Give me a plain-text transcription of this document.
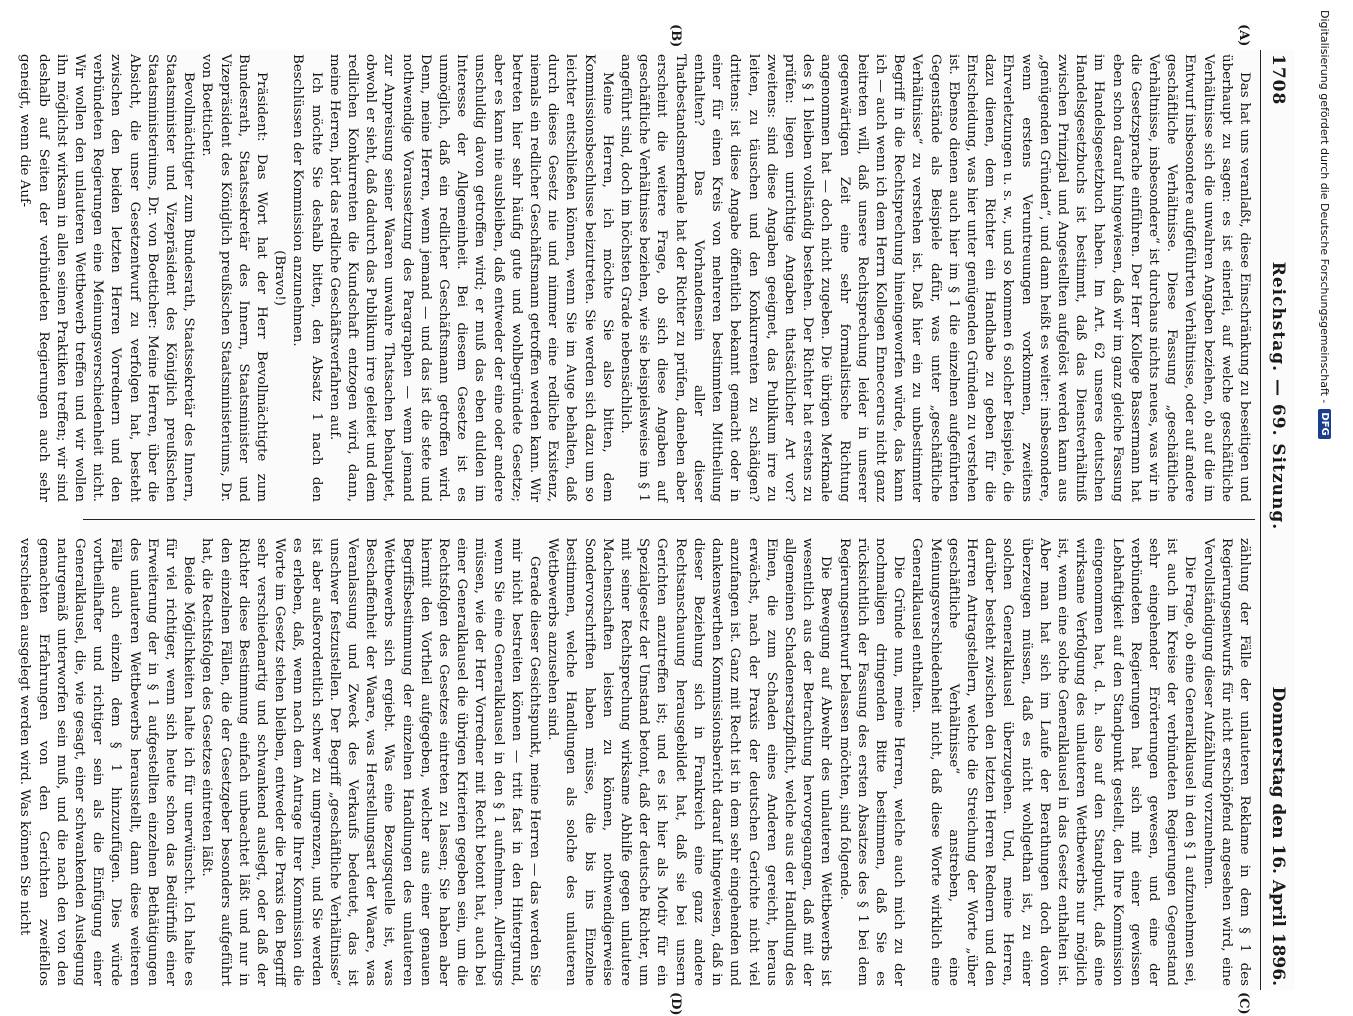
1708
Reichstag. — 69. Sitzung.
Donnerstag den 16. April 1896.
(A)
(B)
(C)
(D)

Das hat uns veranlaßt, diese Einschränkung zu beseitigen und überhaupt zu sagen: es ist einerlei, auf welche geschäftliche Verhältnisse sich die unwahren Angaben beziehen, ob auf die im Entwurf insbesondere aufgeführten Verhältnisse, oder auf andere geschäftliche Verhältnisse. Diese Fassung „geschäftliche Verhältnisse, insbesondere“ ist durchaus nichts neues, was wir in die Gesetzsprache einführen. Der Herr Kollege Bassermann hat eben schon darauf hingewiesen, daß wir im ganz gleiche Fassung im Handelsgesetzbuch haben. Im Art. 62 unseres deutschen Handelsgesetzbuchs ist bestimmt, daß das Dienstverhältniß zwischen Prinzipal und Angestellten aufgelöst werden kann aus „genügenden Gründen“, und dann heißt es weiter: insbesondere, wenn erstens Veruntreuungen vorkommen, zweitens Ehrverletzungen u. s. w., und so kommen 6 solcher Beispiele, die dazu dienen, dem Richter ein Handhabe zu geben für die Entscheidung, was hier unter genügenden Gründen zu verstehen ist. Ebenso dienen auch hier im § 1 die einzelnen aufgeführten Gegenstände als Beispiele dafür, was unter „geschäftliche Verhältnisse“ zu verstehen ist. Daß hier ein zu unbestimmter Begriff in die Rechtsprechung hineingeworfen würde, das kann ich — auch wenn ich dem Herrn Kollegen Enneccerus nicht ganz beitreten will, daß unsere Rechtsprechung leider in unserer gegenwärtigen Zeit eine sehr formalistische Richtung angenommen hat — doch nicht zugeben. Die übrigen Merkmale des § 1 bleiben vollständig bestehen. Der Richter hat erstens zu prüfen: liegen unrichtige Angaben thatsächlicher Art vor? zweitens: sind diese Angaben geeignet, das Publikum irre zu leiten, zu täuschen und den Konkurrenten zu schädigen? drittens: ist diese Angabe öffentlich bekannt gemacht oder in einer für einen Kreis von mehreren bestimmten Mittheilung enthalten? Das Vorhandensein aller dieser Thatbestandsmerkmale hat der Richter zu prüfen, daneben aber erscheint die weitere Frage, ob sich diese Angaben auf geschäftliche Verhältnisse beziehen, wie sie beispielsweise im § 1 angeführt sind, doch im höchsten Grade nebensächlich.

Meine Herren, ich möchte Sie also bitten, dem Kommissionsbeschlusse beizutreten. Sie werden sich dazu um so leichter entschließen können, wenn Sie im Auge behalten, daß durch dieses Gesetz nie und nimmer eine redliche Existenz, niemals ein redlicher Geschäftsmann getroffen werden kann. Wir betreten hier sehr häufig gute und wohlbegründete Gesetze; aber es kann nie ausbleiben, daß entweder der eine oder andere unschuldig davon getroffen wird; er muß das eben dulden im Interesse der Allgemeinheit. Bei diesem Gesetze ist es unmöglich, daß ein redlicher Geschäftsmann getroffen wird. Denn, meine Herren, wenn jemand — und das ist die stete und nothwendige Voraussetzung des Paragraphen — wenn jemand zur Anpreisung seiner Waaren unwahre Thatsachen behauptet, obwohl er sieht, daß dadurch das Publikum irre geleitet und dem redlichen Konkurrenten die Kundschaft entzogen wird, dann, meine Herren, hört das redliche Geschäftsverfahren auf.

Ich möchte Sie deshalb bitten, den Absatz 1 nach den Beschlüssen der Kommission anzunehmen.

(Bravo!)

Präsident: Das Wort hat der Herr Bevollmächtigte zum Bundesrath, Staatssekretär des Innern, Staatsminister und Vizepräsident des Königlich preußischen Staatsministeriums, Dr. von Boetticher.

Bevollmächtigter zum Bundesrath, Staatssekretär des Innern, Staatsminister und Vizepräsident des Königlich preußischen Staatsministeriums, Dr. von Boetticher: Meine Herren, über die Absicht, die unser Gesetzentwurf zu verfolgen hat, besteht zwischen den beiden letzten Herren Vorrednern und den verbündeten Regierungen eine Meinungsverschiedenheit nicht. Wir wollen den unlauteren Wettbewerb treffen und wir wollen ihn möglichst wirksam in allen seinen Praktiken treffen; wir sind deshalb auf Seiten der verbündeten Regierungen auch sehr geneigt, wenn die Auf-

zählung der Fälle der unlauteren Reklame in dem § 1 des Regierungsentwurfs für nicht erschöpfend angesehen wird, eine Vervollständigung dieser Aufzählung vorzunehmen.

Die Frage, ob eine Generalklausel in den § 1 aufzunehmen sei, ist auch im Kreise der verbündeten Regierungen Gegenstand sehr eingehender Erörterungen gewesen, und eine der verbündeten Regierungen hat sich mit einer gewissen Lebhaftigkeit auf den Standpunkt gestellt, den Ihre Kommission eingenommen hat, d. h. also auf den Standpunkt, daß eine wirksame Verfolgung des unlauteren Wettbewerbs nur möglich ist, wenn eine solche Generalklausel in das Gesetz enthalten ist. Aber man hat sich im Laufe der Berathungen doch davon überzeugen müssen, daß es nicht wohlgethan ist, zu einer solchen Generalklausel überzugehen. Und, meine Herren, darüber besteht zwischen den letzten Herren Rednern und den Herren Antragstellern, welche die Streichung der Worte „über geschäftliche Verhältnisse“ anstreben, eine Meinungsverschiedenheit nicht, daß diese Worte wirklich eine Generalklausel enthalten.

Die Gründe nun, meine Herren, welche auch mich zu der nochmaligen dringenden Bitte bestimmen, daß Sie es rücksichtlich der Fassung des ersten Absatzes des § 1 bei dem Regierungsentwurf belassen möchten, sind folgende.

Die Bewegung auf Abwehr des unlauteren Wettbewerbs ist wesentlich aus der Betrachtung hervorgegangen, daß mit der allgemeinen Schadenersatzpflicht, welche aus der Handlung des Einen, die zum Schaden eines Anderen gereicht, heraus erwächst, nach der Praxis der deutschen Gerichte nicht viel anzufangen ist. Ganz mit Recht ist in dem sehr eingehenden und dankenswerthen Kommissionsbericht darauf hingewiesen, daß in dieser Beziehung sich in Frankreich eine ganz andere Rechtsanschauung herausgebildet hat, daß sie bei unsern Gerichten anzutreffen ist; und es ist hier als Motiv für ein Spezialgesetz der Umstand betont, daß der deutsche Richter, um mit seiner Rechtsprechung wirksame Abhilfe gegen unlautere Machenschaften leisten zu können, nothwendigerweise Sondervorschriften haben müsse, die bis ins Einzelne bestimmen, welche Handlungen als solche des unlauteren Wettbewerbs anzusehen sind.

Gerade dieser Gesichtspunkt, meine Herren — das werden Sie mir nicht bestreiten können — tritt fast in den Hintergrund, wenn Sie eine Generalklausel in den § 1 aufnehmen. Allerdings müssen, wie der Herr Vorredner mit Recht betont hat, auch bei einer Generalklausel die übrigen Kriterien gegeben sein, um die Rechtsfolgen des Gesetzes eintreten zu lassen; Sie haben aber hiermit den Vortheil aufgegeben, welcher aus einer genauen Begriffsbestimmung der einzelnen Handlungen des unlauteren Wettbewerbs sich ergiebt. Was eine Bezugsquelle ist, was Beschaffenheit der Waare, was Herstellungsart der Waare, was Veranlassung und Zweck des Verkaufs bedeutet, das ist unschwer festzustellen. Der Begriff „geschäftliche Verhältnisse“ ist aber außerordentlich schwer zu umgrenzen, und Sie werden es erleben, daß, wenn nach dem Antrage Ihrer Kommission die Worte im Gesetz stehen bleiben, entweder die Praxis den Begriff sehr verschiedenartig und schwankend auslegt, oder daß der Richter diese Bestimmung einfach unbeachtet läßt und nur in den einzelnen Fällen, die der Gesetzgeber besonders aufgeführt hat, die Rechtsfolgen des Gesetzes eintreten läßt.

Beide Möglichkeiten halte ich für unerwünscht. Ich halte es für viel richtiger, wenn sich heute schon das Bedürfniß einer Erweiterung der in § 1 aufgestellten einzelnen Bethätigungen des unlauteren Wettbewerbs herausstellt, dann diese weiteren Fälle auch einzeln dem § 1 hinzuzufügen. Dies würde vortheilhafter und richtiger sein als die Einfügung einer Generalklausel, die, wie gesagt, einer schwankenden Auslegung naturgemäß unterworfen sein muß, und die nach den von den gemachten Erfahrungen von den Gerichten zweifellos verschieden ausgelegt werden wird. Was können Sie nicht

Digitalisierung gefördert durch die Deutsche Forschungsgemeinschaft -
DFG
